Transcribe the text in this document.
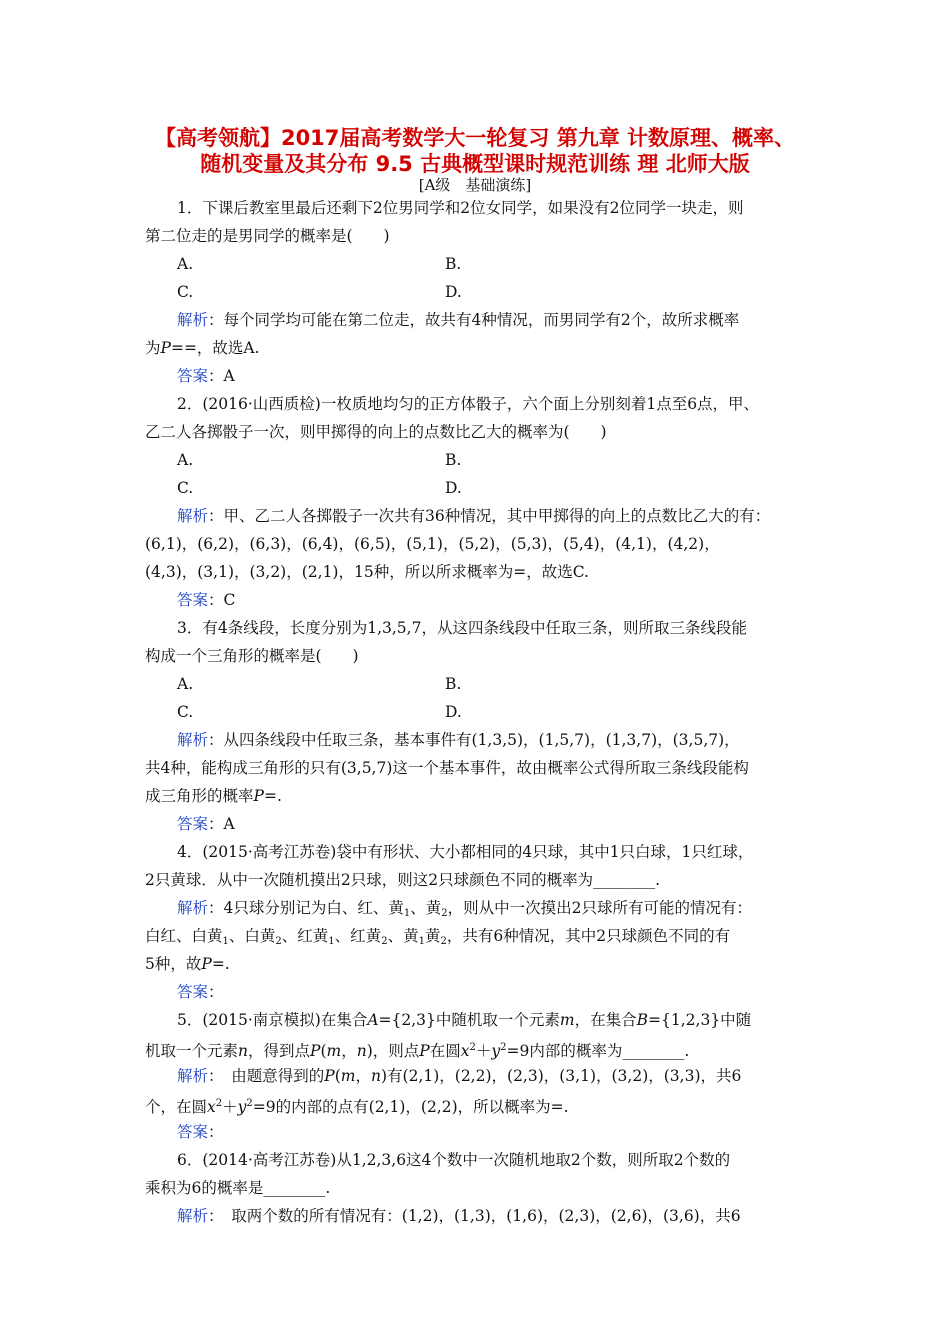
【高考领航】2017届高考数学大一轮复习 第九章 计数原理、概率、
随机变量及其分布 9.5 古典概型课时规范训练 理 北师大版
[A级　基础演练]
1．下课后教室里最后还剩下2位男同学和2位女同学，如果没有2位同学一块走，则
第二位走的是男同学的概率是(　　)
A.	B.
C.	D.
解析：每个同学均可能在第二位走，故共有4种情况，而男同学有2个，故所求概率
为P==，故选A.
答案：A
2．(2016·山西质检)一枚质地均匀的正方体骰子，六个面上分别刻着1点至6点，甲、
乙二人各掷骰子一次，则甲掷得的向上的点数比乙大的概率为(　　)
A.	B.
C.	D.
解析：甲、乙二人各掷骰子一次共有36种情况，其中甲掷得的向上的点数比乙大的有：
(6,1)，(6,2)，(6,3)，(6,4)，(6,5)，(5,1)，(5,2)，(5,3)，(5,4)，(4,1)，(4,2)，
(4,3)，(3,1)，(3,2)，(2,1)，15种，所以所求概率为=，故选C.
答案：C
3．有4条线段，长度分别为1,3,5,7，从这四条线段中任取三条，则所取三条线段能
构成一个三角形的概率是(　　)
A.	B.
C.	D.
解析：从四条线段中任取三条，基本事件有(1,3,5)，(1,5,7)，(1,3,7)，(3,5,7)，
共4种，能构成三角形的只有(3,5,7)这一个基本事件，故由概率公式得所取三条线段能构
成三角形的概率P=.
答案：A
4．(2015·高考江苏卷)袋中有形状、大小都相同的4只球，其中1只白球，1只红球，
2只黄球．从中一次随机摸出2只球，则这2只球颜色不同的概率为________.
解析：4只球分别记为白、红、黄$_1$、黄$_2$，则从中一次摸出2只球所有可能的情况有：
白红、白黄$_1$、白黄$_2$、红黄$_1$、红黄$_2$、黄$_1$黄$_2$，共有6种情况，其中2只球颜色不同的有
5种，故P=.
答案：
5．(2015·南京模拟)在集合A={2,3}中随机取一个元素m，在集合B={1,2,3}中随
机取一个元素n，得到点P(m，n)，则点P在圆$x^2+y^2=9$内部的概率为________.
解析：　由题意得到的P(m，n)有(2,1)，(2,2)，(2,3)，(3,1)，(3,2)，(3,3)，共6
个，在圆$x^2+y^2=9$的内部的点有(2,1)，(2,2)，所以概率为=.
答案：
6．(2014·高考江苏卷)从1,2,3,6这4个数中一次随机地取2个数，则所取2个数的
乘积为6的概率是________.
解析：　取两个数的所有情况有：(1,2)，(1,3)，(1,6)，(2,3)，(2,6)，(3,6)，共6
